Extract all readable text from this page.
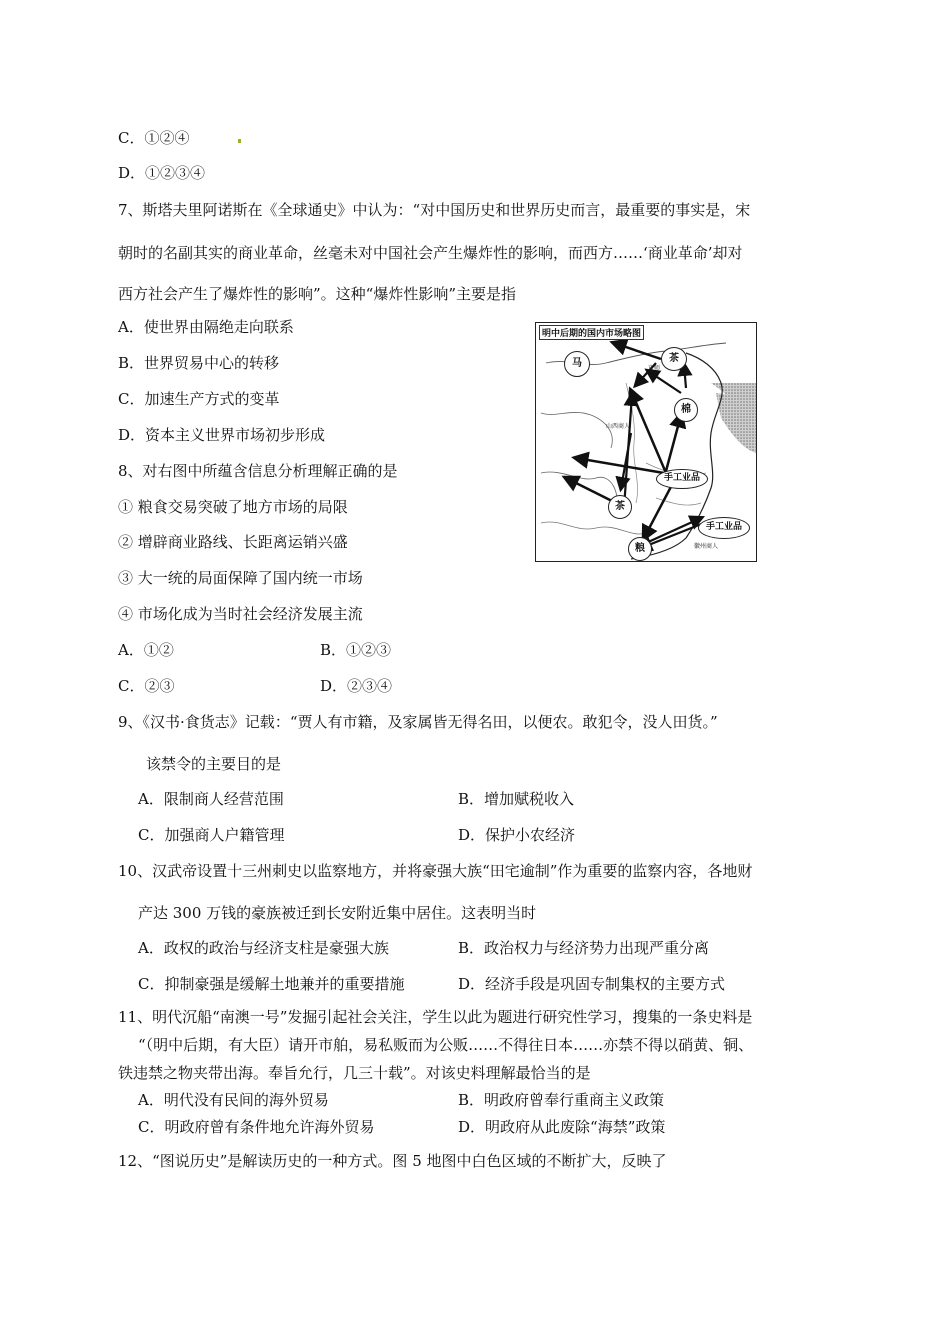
C．①②④
D．①②③④
7、斯塔夫里阿诺斯在《全球通史》中认为：“对中国历史和世界历史而言，最重要的事实是，宋
朝时的名副其实的商业革命，丝毫未对中国社会产生爆炸性的影响，而西方……‘商业革命’却对
西方社会产生了爆炸性的影响”。这种“爆炸性影响”主要是指
A．使世界由隔绝走向联系
B．世界贸易中心的转移
C．加速生产方式的变革
D．资本主义世界市场初步形成
明中后期的国内市场略图
马	茶
棉
手工业品
茶
粮
手工业品
京师
山西商人
徽州商人
8、对右图中所蕴含信息分析理解正确的是
① 粮食交易突破了地方市场的局限
② 增辟商业路线、长距离运销兴盛
③ 大一统的局面保障了国内统一市场
④ 市场化成为当时社会经济发展主流
A．①②	B．①②③
C．②③	D．②③④
9、《汉书·食货志》记载：“贾人有市籍，及家属皆无得名田，以便农。敢犯令，没人田货。”
该禁令的主要目的是
A．限制商人经营范围	B．增加赋税收入
C．加强商人户籍管理	D．保护小农经济
10、汉武帝设置十三州刺史以监察地方，并将豪强大族“田宅逾制”作为重要的监察内容，各地财
产达 300 万钱的豪族被迁到长安附近集中居住。这表明当时
A．政权的政治与经济支柱是豪强大族	B．政治权力与经济势力出现严重分离
C．抑制豪强是缓解土地兼并的重要措施	D．经济手段是巩固专制集权的主要方式
11、明代沉船“南澳一号”发掘引起社会关注，学生以此为题进行研究性学习，搜集的一条史料是
“（明中后期，有大臣）请开市舶，易私贩而为公贩……不得往日本……亦禁不得以硝黄、铜、
铁违禁之物夹带出海。奉旨允行，几三十载”。对该史料理解最恰当的是
A．明代没有民间的海外贸易	B．明政府曾奉行重商主义政策
C．明政府曾有条件地允许海外贸易	D．明政府从此废除“海禁”政策
12、“图说历史”是解读历史的一种方式。图 5 地图中白色区域的不断扩大，反映了
